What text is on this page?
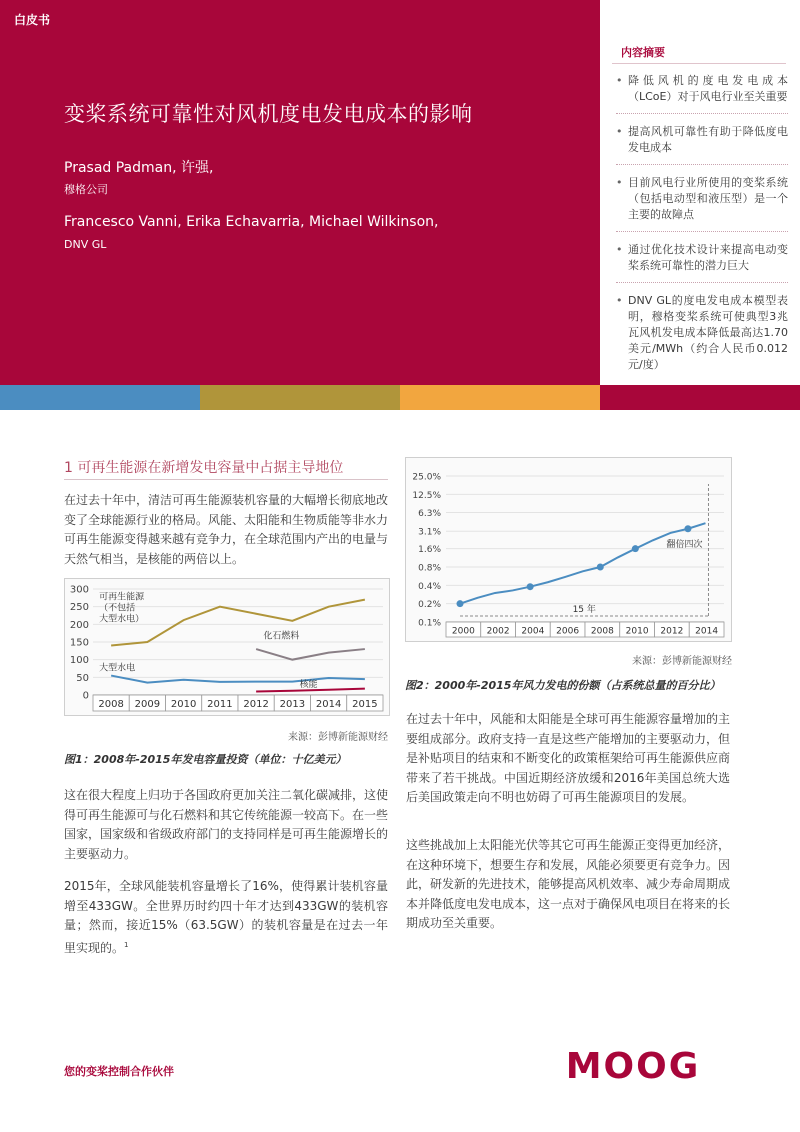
白皮书
变桨系统可靠性对风机度电发电成本的影响
Prasad Padman, 许强,
穆格公司
Francesco Vanni, Erika Echavarria, Michael Wilkinson,
DNV GL
内容摘要
• 降低风机的度电发电成本（LCoE）对于风电行业至关重要
• 提高风机可靠性有助于降低度电发电成本
• 目前风电行业所使用的变桨系统（包括电动型和液压型）是一个主要的故障点
• 通过优化技术设计来提高电动变桨系统可靠性的潜力巨大
• DNV GL的度电发电成本模型表明，穆格变桨系统可使典型3兆瓦风机发电成本降低最高达1.70美元/MWh（约合人民币0.012元/度）
1 可再生能源在新增发电容量中占据主导地位

在过去十年中，清洁可再生能源装机容量的大幅增长彻底地改变了全球能源行业的格局。风能、太阳能和生物质能等非水力可再生能源变得越来越有竞争力，在全球范围内产出的电量与天然气相当，是核能的两倍以上。

0
50
100
150
200
250
300
2008 2009 2010 2011 2012 2013 2014 2015
可再生能源
（不包括
大型水电）
化石燃料
大型水电
核能
来源：彭博新能源财经
图1：2008年-2015年发电容量投资（单位：十亿美元）

这在很大程度上归功于各国政府更加关注二氧化碳减排，这使得可再生能源可与化石燃料和其它传统能源一较高下。在一些国家，国家级和省级政府部门的支持同样是可再生能源增长的主要驱动力。

2015年，全球风能装机容量增长了16%，使得累计装机容量增至433GW。全世界历时约四十年才达到433GW的装机容量；然而，接近15%（63.5GW）的装机容量是在过去一年里实现的。$^1$

25.0%
12.5%
6.3%
3.1%
1.6%
0.8%
0.4%
0.2%
0.1%
2000 2002 2004 2006 2008 2010 2012 2014
15 年
翻倍四次
来源：彭博新能源财经
图2：2000年-2015年风力发电的份额（占系统总量的百分比）

在过去十年中，风能和太阳能是全球可再生能源容量增加的主要组成部分。政府支持一直是这些产能增加的主要驱动力，但是补贴项目的结束和不断变化的政策框架给可再生能源供应商带来了若干挑战。中国近期经济放缓和2016年美国总统大选后美国政策走向不明也妨碍了可再生能源项目的发展。

这些挑战加上太阳能光伏等其它可再生能源正变得更加经济，在这种环境下，想要生存和发展，风能必须要更有竞争力。因此，研发新的先进技术，能够提高风机效率、减少寿命周期成本并降低度电发电成本，这一点对于确保风电项目在将来的长期成功至关重要。

您的变桨控制合作伙伴	MOOG
